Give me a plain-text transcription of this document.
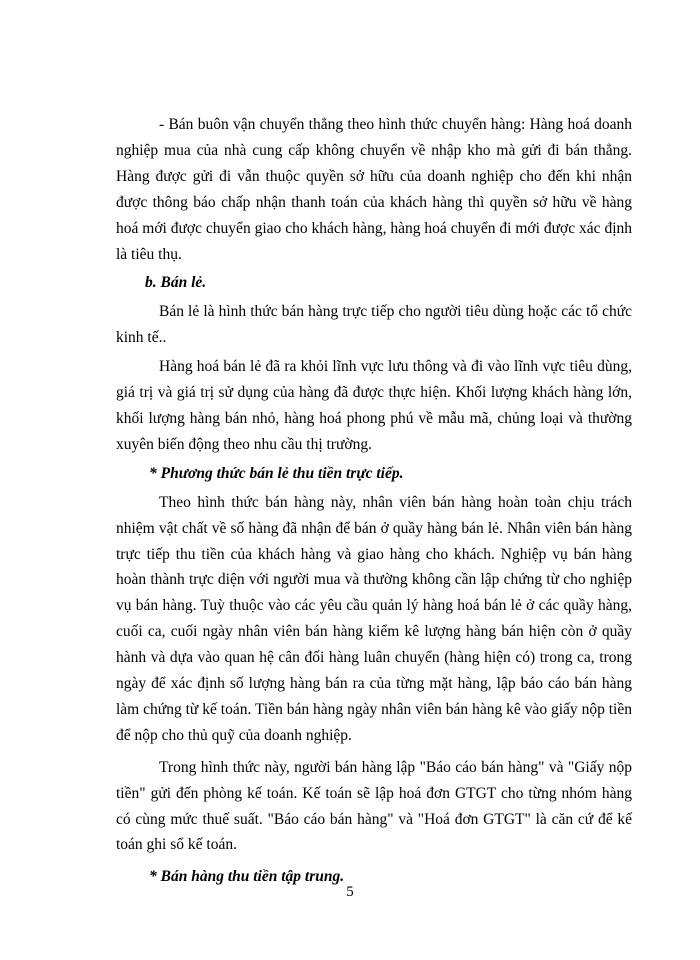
- Bán buôn vận chuyển thẳng theo hình thức chuyển hàng: Hàng hoá doanh nghiệp mua của nhà cung cấp không chuyển về nhập kho mà gửi đi bán thẳng. Hàng được gửi đi vẫn thuộc quyền sở hữu của doanh nghiệp cho đến khi nhận được thông báo chấp nhận thanh toán của khách hàng thì quyền sở hữu về hàng hoá mới được chuyển giao cho khách hàng, hàng hoá chuyển đi mới được xác định là tiêu thụ.

b. Bán lẻ.

Bán lẻ là hình thức bán hàng trực tiếp cho người tiêu dùng hoặc các tổ chức kinh tế..

Hàng hoá bán lẻ đã ra khỏi lĩnh vực lưu thông và đi vào lĩnh vực tiêu dùng, giá trị và giá trị sử dụng của hàng đã được thực hiện. Khối lượng khách hàng lớn, khối lượng hàng bán nhỏ, hàng hoá phong phú về mẫu mã, chủng loại và thường xuyên biến động theo nhu cầu thị trường.

* Phương thức bán lẻ thu tiền trực tiếp.

Theo hình thức bán hàng này, nhân viên bán hàng hoàn toàn chịu trách nhiệm vật chất về số hàng đã nhận để bán ở quầy hàng bán lẻ. Nhân viên bán hàng trực tiếp thu tiền của khách hàng và giao hàng cho khách. Nghiệp vụ bán hàng hoàn thành trực diện với người mua và thường không cần lập chứng từ cho nghiệp vụ bán hàng. Tuỳ thuộc vào các yêu cầu quản lý hàng hoá bán lẻ ở các quầy hàng, cuối ca, cuối ngày nhân viên bán hàng kiểm kê lượng hàng bán hiện còn ở quầy hành và dựa vào quan hệ cân đối hàng luân chuyển (hàng hiện có) trong ca, trong ngày để xác định số lượng hàng bán ra của từng mặt hàng, lập báo cáo bán hàng làm chứng từ kế toán. Tiền bán hàng ngày nhân viên bán hàng kê vào giấy nộp tiền để nộp cho thủ quỹ của doanh nghiệp.

Trong hình thức này, người bán hàng lập "Báo cáo bán hàng" và "Giấy nộp tiền" gửi đến phòng kế toán. Kế toán sẽ lập hoá đơn GTGT cho từng nhóm hàng có cùng mức thuế suất. "Báo cáo bán hàng" và "Hoá đơn GTGT" là căn cứ để kế toán ghi sổ kế toán.

* Bán hàng thu tiền tập trung.

5
